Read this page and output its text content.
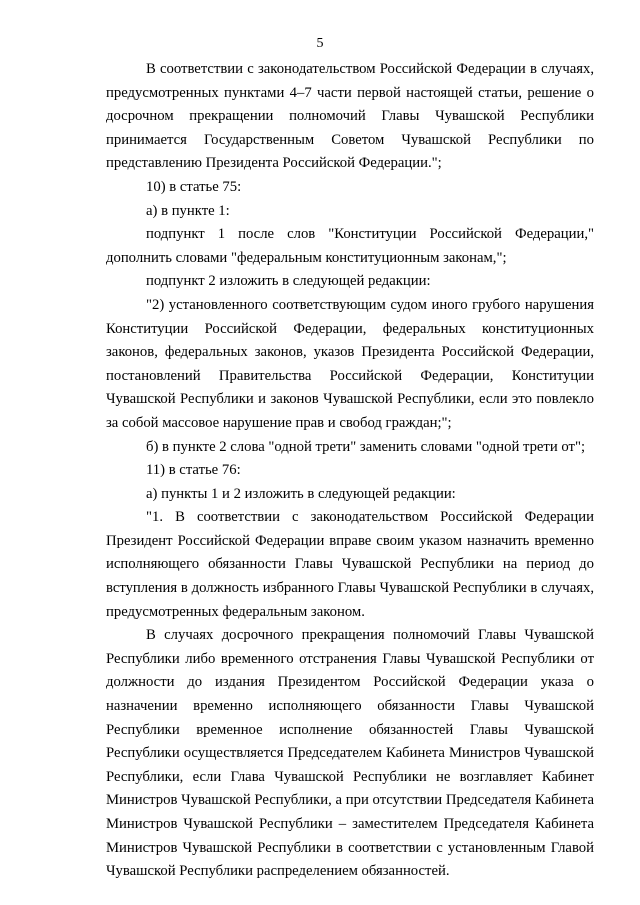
5

В соответствии с законодательством Российской Федерации в случаях, предусмотренных пунктами 4–7 части первой настоящей статьи, решение о досрочном прекращении полномочий Главы Чувашской Республики принимается Государственным Советом Чувашской Республики по представлению Президента Российской Федерации.";

10) в статье 75:

а) в пункте 1:

подпункт 1 после слов "Конституции Российской Федерации," дополнить словами "федеральным конституционным законам,";

подпункт 2 изложить в следующей редакции:

"2) установленного соответствующим судом иного грубого нарушения Конституции Российской Федерации, федеральных конституционных законов, федеральных законов, указов Президента Российской Федерации, постановлений Правительства Российской Федерации, Конституции Чувашской Республики и законов Чувашской Республики, если это повлекло за собой массовое нарушение прав и свобод граждан;";

б) в пункте 2 слова "одной трети" заменить словами "одной трети от";

11) в статье 76:

а) пункты 1 и 2 изложить в следующей редакции:

"1. В соответствии с законодательством Российской Федерации Президент Российской Федерации вправе своим указом назначить временно исполняющего обязанности Главы Чувашской Республики на период до вступления в должность избранного Главы Чувашской Республики в случаях, предусмотренных федеральным законом.

В случаях досрочного прекращения полномочий Главы Чувашской Республики либо временного отстранения Главы Чувашской Республики от должности до издания Президентом Российской Федерации указа о назначении временно исполняющего обязанности Главы Чувашской Республики временное исполнение обязанностей Главы Чувашской Республики осуществляется Председателем Кабинета Министров Чувашской Республики, если Глава Чувашской Республики не возглавляет Кабинет Министров Чувашской Республики, а при отсутствии Председателя Кабинета Министров Чувашской Республики – заместителем Председателя Кабинета Министров Чувашской Республики в соответствии с установленным Главой Чувашской Республики распределением обязанностей.
